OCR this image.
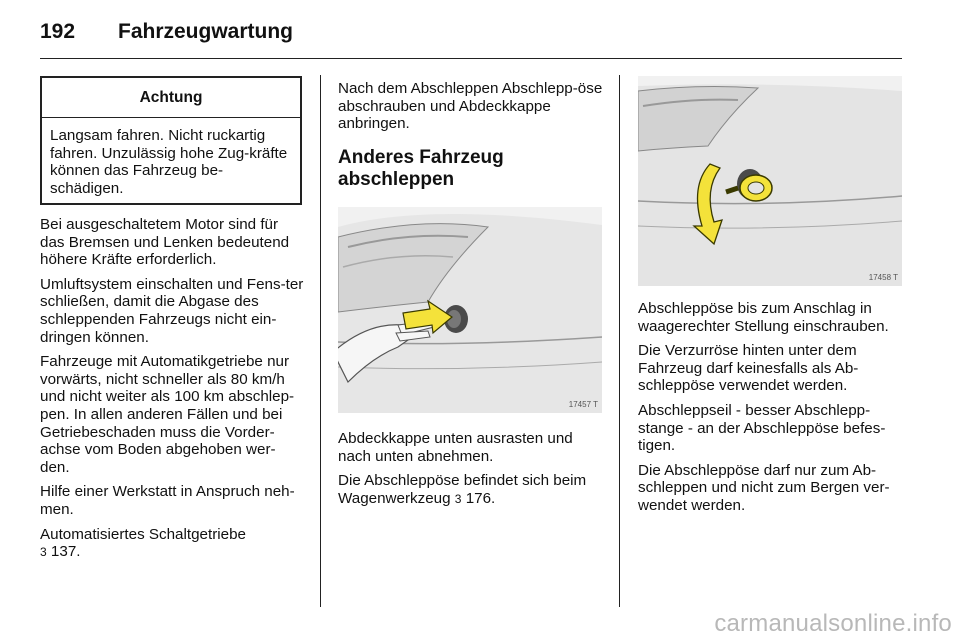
192 Fahrzeugwartung
Achtung
Langsam fahren. Nicht ruckartig fahren. Unzulässig hohe Zug-kräfte können das Fahrzeug be-schädigen.

Bei ausgeschaltetem Motor sind für das Bremsen und Lenken bedeutend höhere Kräfte erforderlich.

Umluftsystem einschalten und Fens-ter schließen, damit die Abgase des schleppenden Fahrzeugs nicht ein-dringen können.

Fahrzeuge mit Automatikgetriebe nur vorwärts, nicht schneller als 80 km/h und nicht weiter als 100 km abschlep-pen. In allen anderen Fällen und bei Getriebeschaden muss die Vorder-achse vom Boden abgehoben wer-den.

Hilfe einer Werkstatt in Anspruch neh-men.

Automatisiertes Schaltgetriebe
3 137.

Nach dem Abschleppen Abschlepp-öse abschrauben und Abdeckkappe anbringen.

Anderes Fahrzeug
abschleppen
17457 T

Abdeckkappe unten ausrasten und nach unten abnehmen.

Die Abschleppöse befindet sich beim Wagenwerkzeug 3 176.

17458 T

Abschleppöse bis zum Anschlag in waagerechter Stellung einschrauben.

Die Verzurröse hinten unter dem Fahrzeug darf keinesfalls als Ab-schleppöse verwendet werden.

Abschleppseil - besser Abschlepp-stange - an der Abschleppöse befes-tigen.

Die Abschleppöse darf nur zum Ab-schleppen und nicht zum Bergen ver-wendet werden.

carmanualsonline.info
